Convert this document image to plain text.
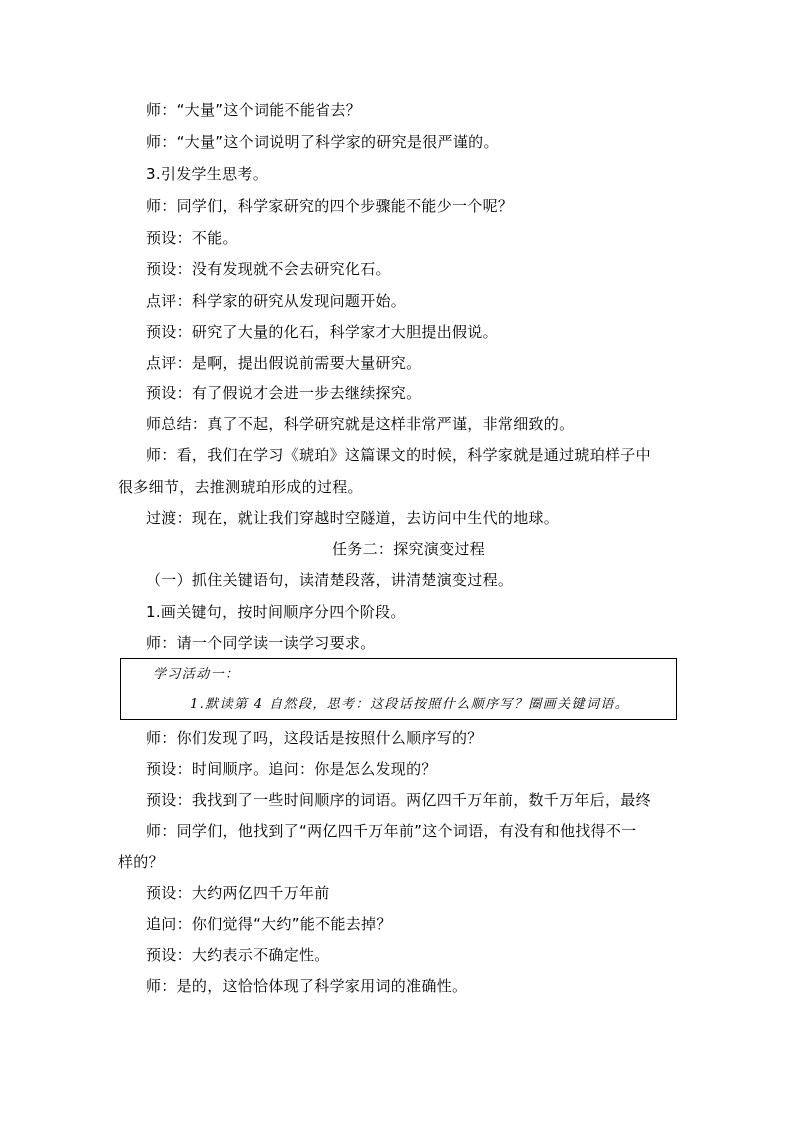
师：“大量”这个词能不能省去？
师：“大量”这个词说明了科学家的研究是很严谨的。
3.引发学生思考。
师：同学们，科学家研究的四个步骤能不能少一个呢？
预设：不能。
预设：没有发现就不会去研究化石。
点评：科学家的研究从发现问题开始。
预设：研究了大量的化石，科学家才大胆提出假说。
点评：是啊，提出假说前需要大量研究。
预设：有了假说才会进一步去继续探究。
师总结：真了不起，科学研究就是这样非常严谨，非常细致的。
师：看，我们在学习《琥珀》这篇课文的时候，科学家就是通过琥珀样子中
很多细节，去推测琥珀形成的过程。
过渡：现在，就让我们穿越时空隧道，去访问中生代的地球。
任务二：探究演变过程
（一）抓住关键语句，读清楚段落，讲清楚演变过程。
1.画关键句，按时间顺序分四个阶段。
师：请一个同学读一读学习要求。
学习活动一：
1.默读第 4 自然段，思考：这段话按照什么顺序写？圈画关键词语。
师：你们发现了吗，这段话是按照什么顺序写的？
预设：时间顺序。追问：你是怎么发现的？
预设：我找到了一些时间顺序的词语。两亿四千万年前，数千万年后，最终
师：同学们，他找到了“两亿四千万年前”这个词语，有没有和他找得不一
样的？
预设：大约两亿四千万年前
追问：你们觉得“大约”能不能去掉？
预设：大约表示不确定性。
师：是的，这恰恰体现了科学家用词的准确性。
